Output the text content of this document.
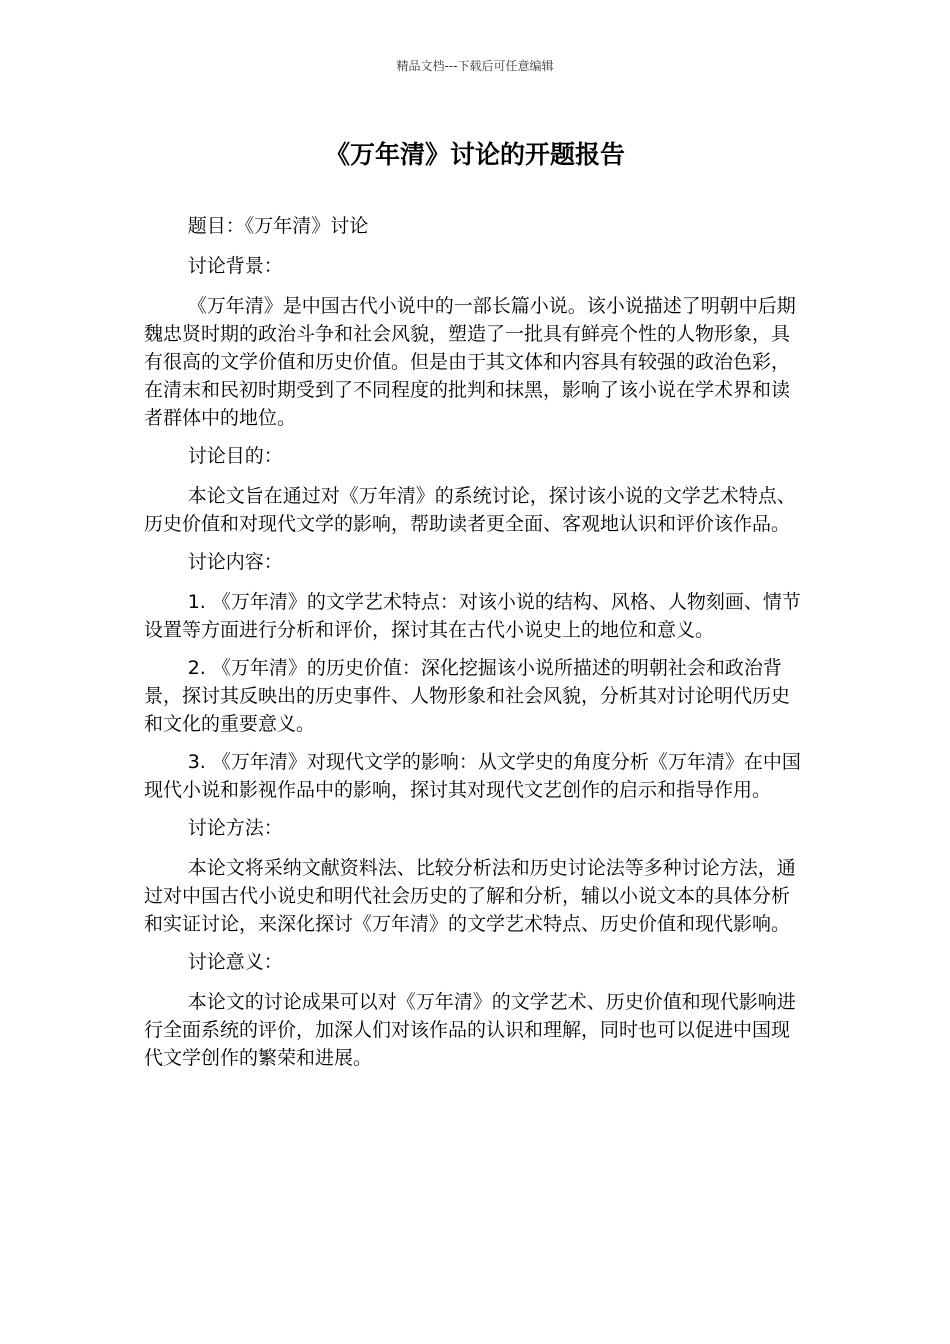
精品文档---下载后可任意编辑
《万年清》讨论的开题报告

题目：《万年清》讨论

讨论背景：

《万年清》是中国古代小说中的一部长篇小说。该小说描述了明朝中后期魏忠贤时期的政治斗争和社会风貌，塑造了一批具有鲜亮个性的人物形象，具有很高的文学价值和历史价值。但是由于其文体和内容具有较强的政治色彩，在清末和民初时期受到了不同程度的批判和抹黑，影响了该小说在学术界和读者群体中的地位。

讨论目的：

本论文旨在通过对《万年清》的系统讨论，探讨该小说的文学艺术特点、历史价值和对现代文学的影响，帮助读者更全面、客观地认识和评价该作品。

讨论内容：

1. 《万年清》的文学艺术特点：对该小说的结构、风格、人物刻画、情节设置等方面进行分析和评价，探讨其在古代小说史上的地位和意义。

2. 《万年清》的历史价值：深化挖掘该小说所描述的明朝社会和政治背景，探讨其反映出的历史事件、人物形象和社会风貌，分析其对讨论明代历史和文化的重要意义。

3. 《万年清》对现代文学的影响：从文学史的角度分析《万年清》在中国现代小说和影视作品中的影响，探讨其对现代文艺创作的启示和指导作用。

讨论方法：

本论文将采纳文献资料法、比较分析法和历史讨论法等多种讨论方法，通过对中国古代小说史和明代社会历史的了解和分析，辅以小说文本的具体分析和实证讨论，来深化探讨《万年清》的文学艺术特点、历史价值和现代影响。

讨论意义：

本论文的讨论成果可以对《万年清》的文学艺术、历史价值和现代影响进行全面系统的评价，加深人们对该作品的认识和理解，同时也可以促进中国现代文学创作的繁荣和进展。
